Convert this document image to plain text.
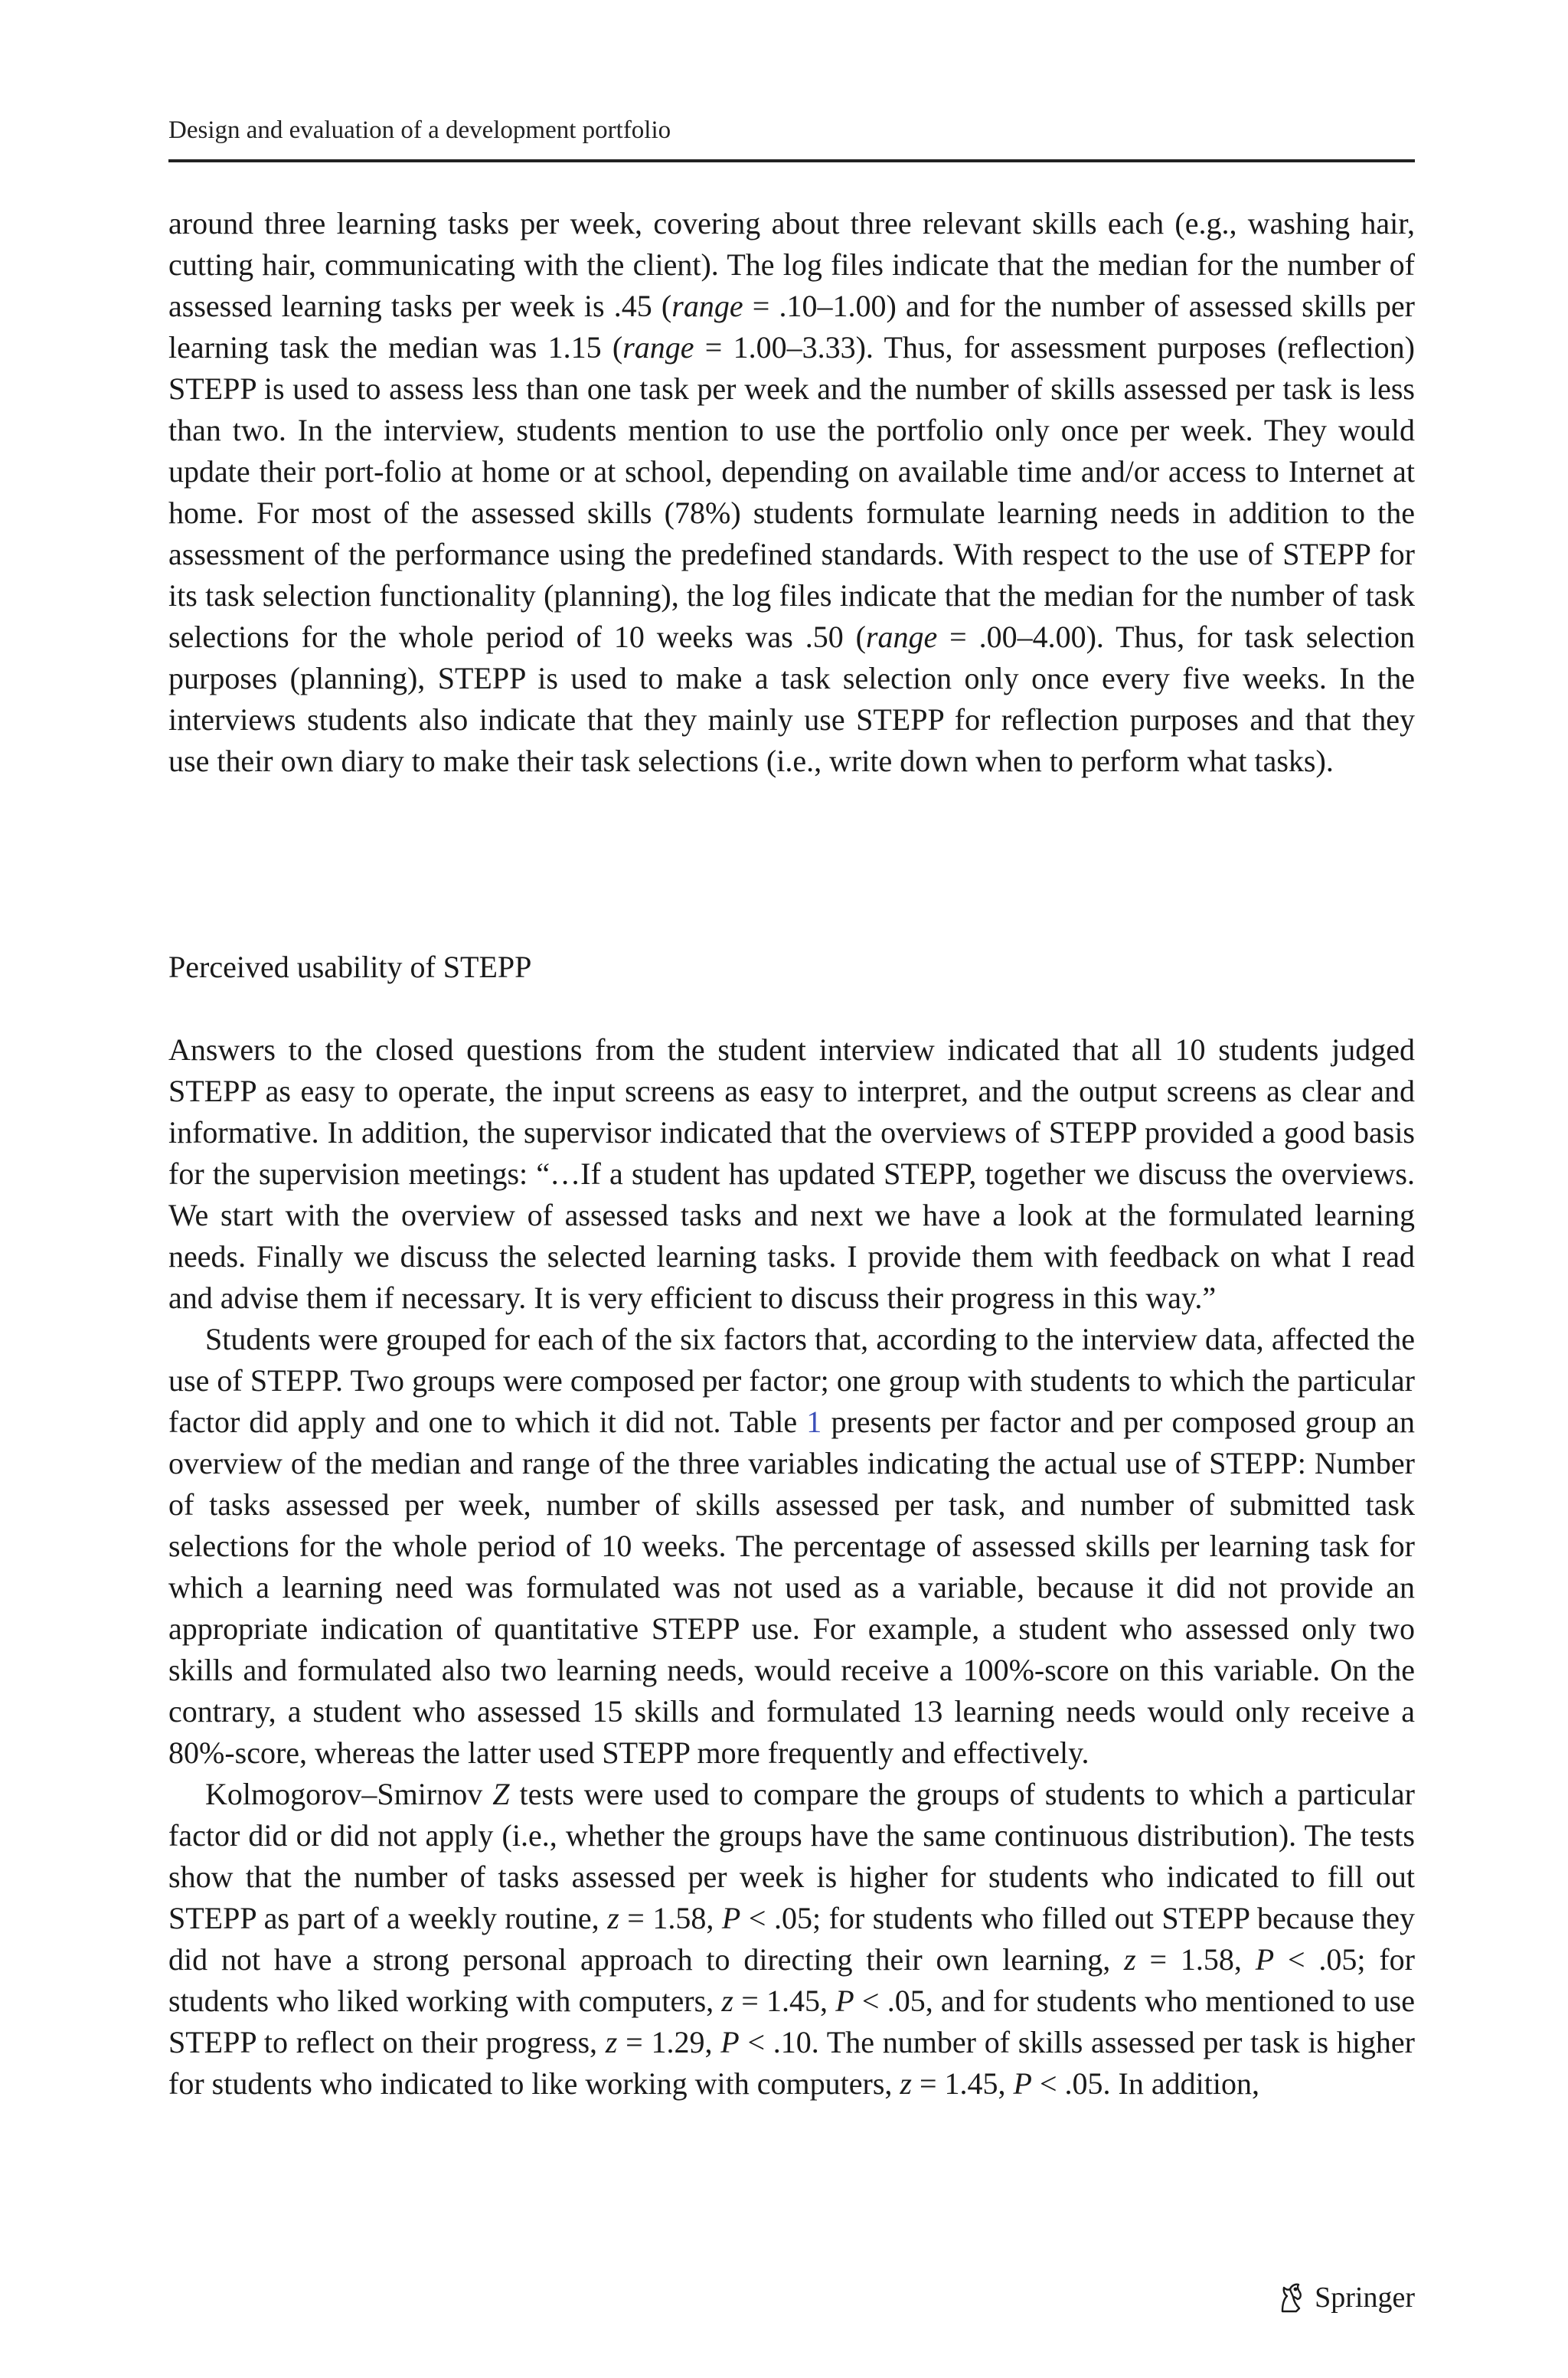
Design and evaluation of a development portfolio

around three learning tasks per week, covering about three relevant skills each (e.g., washing hair, cutting hair, communicating with the client). The log files indicate that the median for the number of assessed learning tasks per week is .45 (range = .10–1.00) and for the number of assessed skills per learning task the median was 1.15 (range = 1.00–3.33). Thus, for assessment purposes (reflection) STEPP is used to assess less than one task per week and the number of skills assessed per task is less than two. In the interview, students mention to use the portfolio only once per week. They would update their port-folio at home or at school, depending on available time and/or access to Internet at home. For most of the assessed skills (78%) students formulate learning needs in addition to the assessment of the performance using the predefined standards. With respect to the use of STEPP for its task selection functionality (planning), the log files indicate that the median for the number of task selections for the whole period of 10 weeks was .50 (range = .00–4.00). Thus, for task selection purposes (planning), STEPP is used to make a task selection only once every five weeks. In the interviews students also indicate that they mainly use STEPP for reflection purposes and that they use their own diary to make their task selections (i.e., write down when to perform what tasks).

Perceived usability of STEPP

Answers to the closed questions from the student interview indicated that all 10 students judged STEPP as easy to operate, the input screens as easy to interpret, and the output screens as clear and informative. In addition, the supervisor indicated that the overviews of STEPP provided a good basis for the supervision meetings: “…If a student has updated STEPP, together we discuss the overviews. We start with the overview of assessed tasks and next we have a look at the formulated learning needs. Finally we discuss the selected learning tasks. I provide them with feedback on what I read and advise them if necessary. It is very efficient to discuss their progress in this way.”

Students were grouped for each of the six factors that, according to the interview data, affected the use of STEPP. Two groups were composed per factor; one group with students to which the particular factor did apply and one to which it did not. Table 1 presents per factor and per composed group an overview of the median and range of the three variables indicating the actual use of STEPP: Number of tasks assessed per week, number of skills assessed per task, and number of submitted task selections for the whole period of 10 weeks. The percentage of assessed skills per learning task for which a learning need was formulated was not used as a variable, because it did not provide an appropriate indication of quantitative STEPP use. For example, a student who assessed only two skills and formulated also two learning needs, would receive a 100%-score on this variable. On the contrary, a student who assessed 15 skills and formulated 13 learning needs would only receive a 80%-score, whereas the latter used STEPP more frequently and effectively.

Kolmogorov–Smirnov Z tests were used to compare the groups of students to which a particular factor did or did not apply (i.e., whether the groups have the same continuous distribution). The tests show that the number of tasks assessed per week is higher for students who indicated to fill out STEPP as part of a weekly routine, z = 1.58, P < .05; for students who filled out STEPP because they did not have a strong personal approach to directing their own learning, z = 1.58, P < .05; for students who liked working with computers, z = 1.45, P < .05, and for students who mentioned to use STEPP to reflect on their progress, z = 1.29, P < .10. The number of skills assessed per task is higher for students who indicated to like working with computers, z = 1.45, P < .05. In addition,

Springer
